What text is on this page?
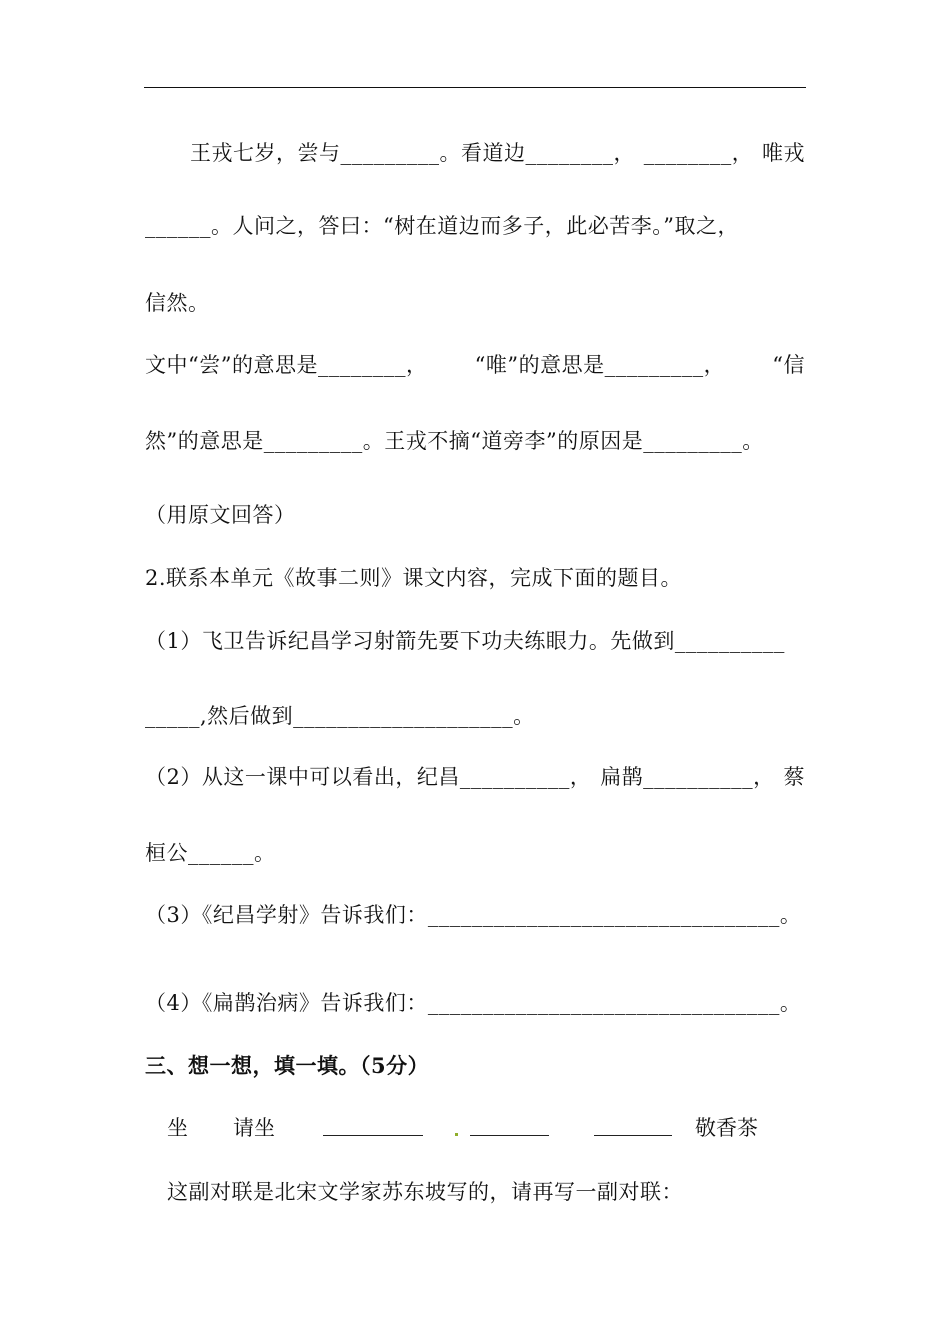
王戎七岁，尝与_________。看道边________， ________， 唯戎
______。人问之，答曰：“树在道边而多子，此必苦李。”取之，
信然。
文中“尝”的意思是________， “唯”的意思是_________， “信
然”的意思是_________。王戎不摘“道旁李”的原因是_________。
（用原文回答）
2.联系本单元《故事二则》课文内容，完成下面的题目。
（1）飞卫告诉纪昌学习射箭先要下功夫练眼力。先做到__________
_____,然后做到____________________。
（2）从这一课中可以看出，纪昌__________， 扁鹊__________， 蔡
桓公______。
（3）《纪昌学射》告诉我们：________________________________。
（4）《扁鹊治病》告诉我们：________________________________。
三、想一想，填一填。（5分）
坐 请坐	敬香茶
这副对联是北宋文学家苏东坡写的，请再写一副对联：
